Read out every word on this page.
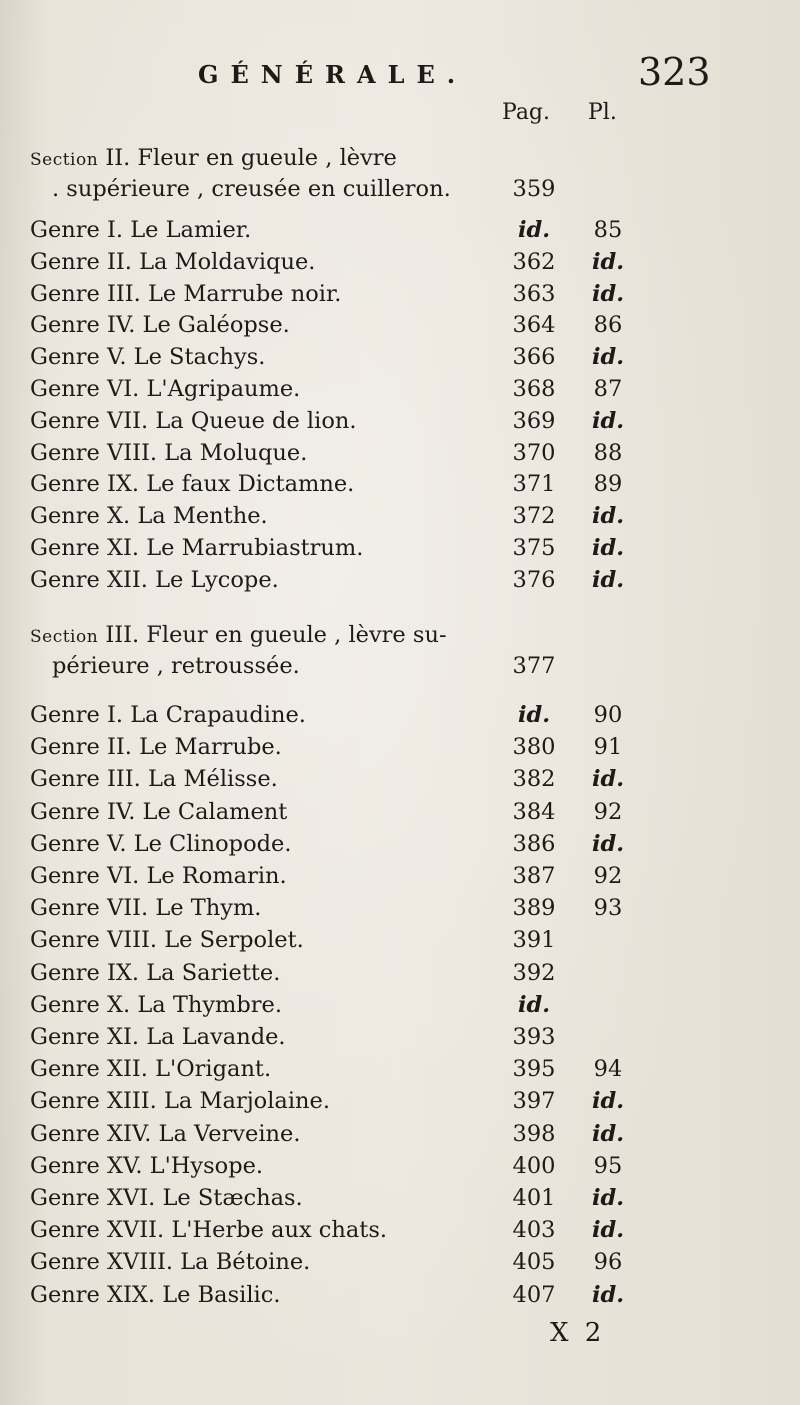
GÉNÉRALE.	323
Pag. Pl.
Section II. Fleur en gueule , lèvre
. supérieure , creusée en cuilleron.	359
Genre I. Le Lamier.	id.	85
Genre II. La Moldavique.	362	id.
Genre III. Le Marrube noir.	363	id.
Genre IV. Le Galéopse.	364	86
Genre V. Le Stachys.	366	id.
Genre VI. L'Agripaume.	368	87
Genre VII. La Queue de lion.	369	id.
Genre VIII. La Moluque.	370	88
Genre IX. Le faux Dictamne.	371	89
Genre X. La Menthe.	372	id.
Genre XI. Le Marrubiastrum.	375	id.
Genre XII. Le Lycope.	376	id.
Section III. Fleur en gueule , lèvre su-
périeure , retroussée.	377
Genre I. La Crapaudine.	id.	90
Genre II. Le Marrube.	380	91
Genre III. La Mélisse.	382	id.
Genre IV. Le Calament	384	92
Genre V. Le Clinopode.	386	id.
Genre VI. Le Romarin.	387	92
Genre VII. Le Thym.	389	93
Genre VIII. Le Serpolet.	391
Genre IX. La Sariette.	392
Genre X. La Thymbre.	id.
Genre XI. La Lavande.	393
Genre XII. L'Origant.	395	94
Genre XIII. La Marjolaine.	397	id.
Genre XIV. La Verveine.	398	id.
Genre XV. L'Hysope.	400	95
Genre XVI. Le Stæchas.	401	id.
Genre XVII. L'Herbe aux chats.	403	id.
Genre XVIII. La Bétoine.	405	96
Genre XIX. Le Basilic.	407	id.
X 2
